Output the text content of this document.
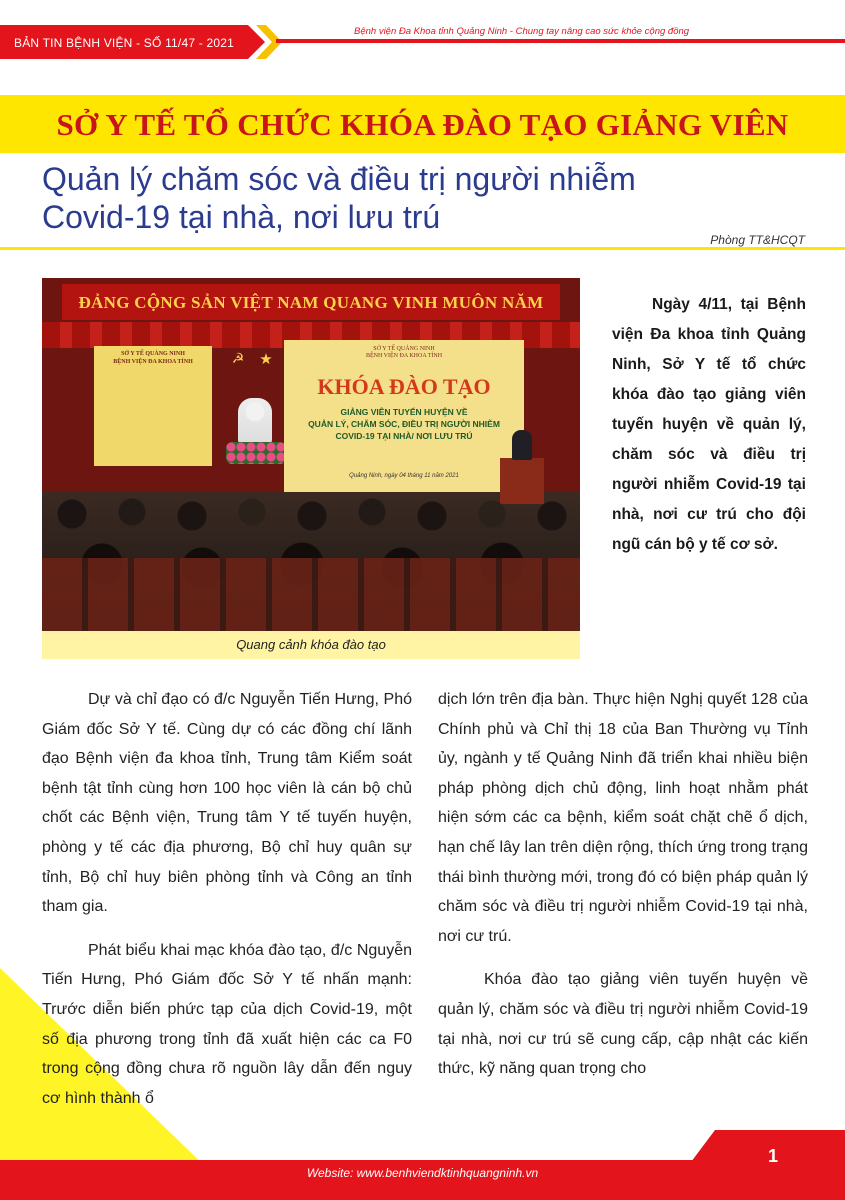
BẢN TIN BỆNH VIỆN - SỐ 11/47 - 2021
Bệnh viện Đa Khoa tỉnh Quảng Ninh - Chung tay nâng cao sức khỏe cộng đồng
SỞ Y TẾ TỔ CHỨC KHÓA ĐÀO TẠO GIẢNG VIÊN
Quản lý chăm sóc và điều trị người nhiễm
Covid-19 tại nhà, nơi lưu trú
Phòng TT&HCQT
ĐẢNG CỘNG SẢN VIỆT NAM QUANG VINH MUÔN NĂM
SỞ Y TẾ QUẢNG NINH
BỆNH VIỆN ĐA KHOA TỈNH	☭ ★
SỞ Y TẾ QUẢNG NINH
BỆNH VIỆN ĐA KHOA TỈNH
KHÓA ĐÀO TẠO
GIẢNG VIÊN TUYẾN HUYỆN VỀ
QUẢN LÝ, CHĂM SÓC, ĐIỀU TRỊ NGƯỜI NHIỄM
COVID-19 TẠI NHÀ/ NƠI LƯU TRÚ
Quảng Ninh, ngày 04 tháng 11 năm 2021
Quang cảnh khóa đào tạo
Ngày 4/11, tại Bệnh viện Đa khoa tỉnh Quảng Ninh, Sở Y tế tổ chức khóa đào tạo giảng viên tuyến huyện về quản lý, chăm sóc và điều trị người nhiễm Covid-19 tại nhà, nơi cư trú cho đội ngũ cán bộ y tế cơ sở.

Dự và chỉ đạo có đ/c Nguyễn Tiến Hưng, Phó Giám đốc Sở Y tế. Cùng dự có các đồng chí lãnh đạo Bệnh viện đa khoa tỉnh, Trung tâm Kiểm soát bệnh tật tỉnh cùng hơn 100 học viên là cán bộ chủ chốt các Bệnh viện, Trung tâm Y tế tuyến huyện, phòng y tế các địa phương, Bộ chỉ huy quân sự tỉnh, Bộ chỉ huy biên phòng tỉnh và Công an tỉnh tham gia.

Phát biểu khai mạc khóa đào tạo, đ/c Nguyễn Tiến Hưng, Phó Giám đốc Sở Y tế nhấn mạnh: Trước diễn biến phức tạp của dịch Covid-19, một số địa phương trong tỉnh đã xuất hiện các ca F0 trong cộng đồng chưa rõ nguồn lây dẫn đến nguy cơ hình thành ổ

dịch lớn trên địa bàn. Thực hiện Nghị quyết 128 của Chính phủ và Chỉ thị 18 của Ban Thường vụ Tỉnh ủy, ngành y tế Quảng Ninh đã triển khai nhiều biện pháp phòng dịch chủ động, linh hoạt nhằm phát hiện sớm các ca bệnh, kiểm soát chặt chẽ ổ dịch, hạn chế lây lan trên diện rộng, thích ứng trong trạng thái bình thường mới, trong đó có biện pháp quản lý chăm sóc và điều trị người nhiễm Covid-19 tại nhà, nơi cư trú.

Khóa đào tạo giảng viên tuyến huyện về quản lý, chăm sóc và điều trị người nhiễm Covid-19 tại nhà, nơi cư trú sẽ cung cấp, cập nhật các kiến thức, kỹ năng quan trọng cho

Website: www.benhviendktinhquangninh.vn
1
